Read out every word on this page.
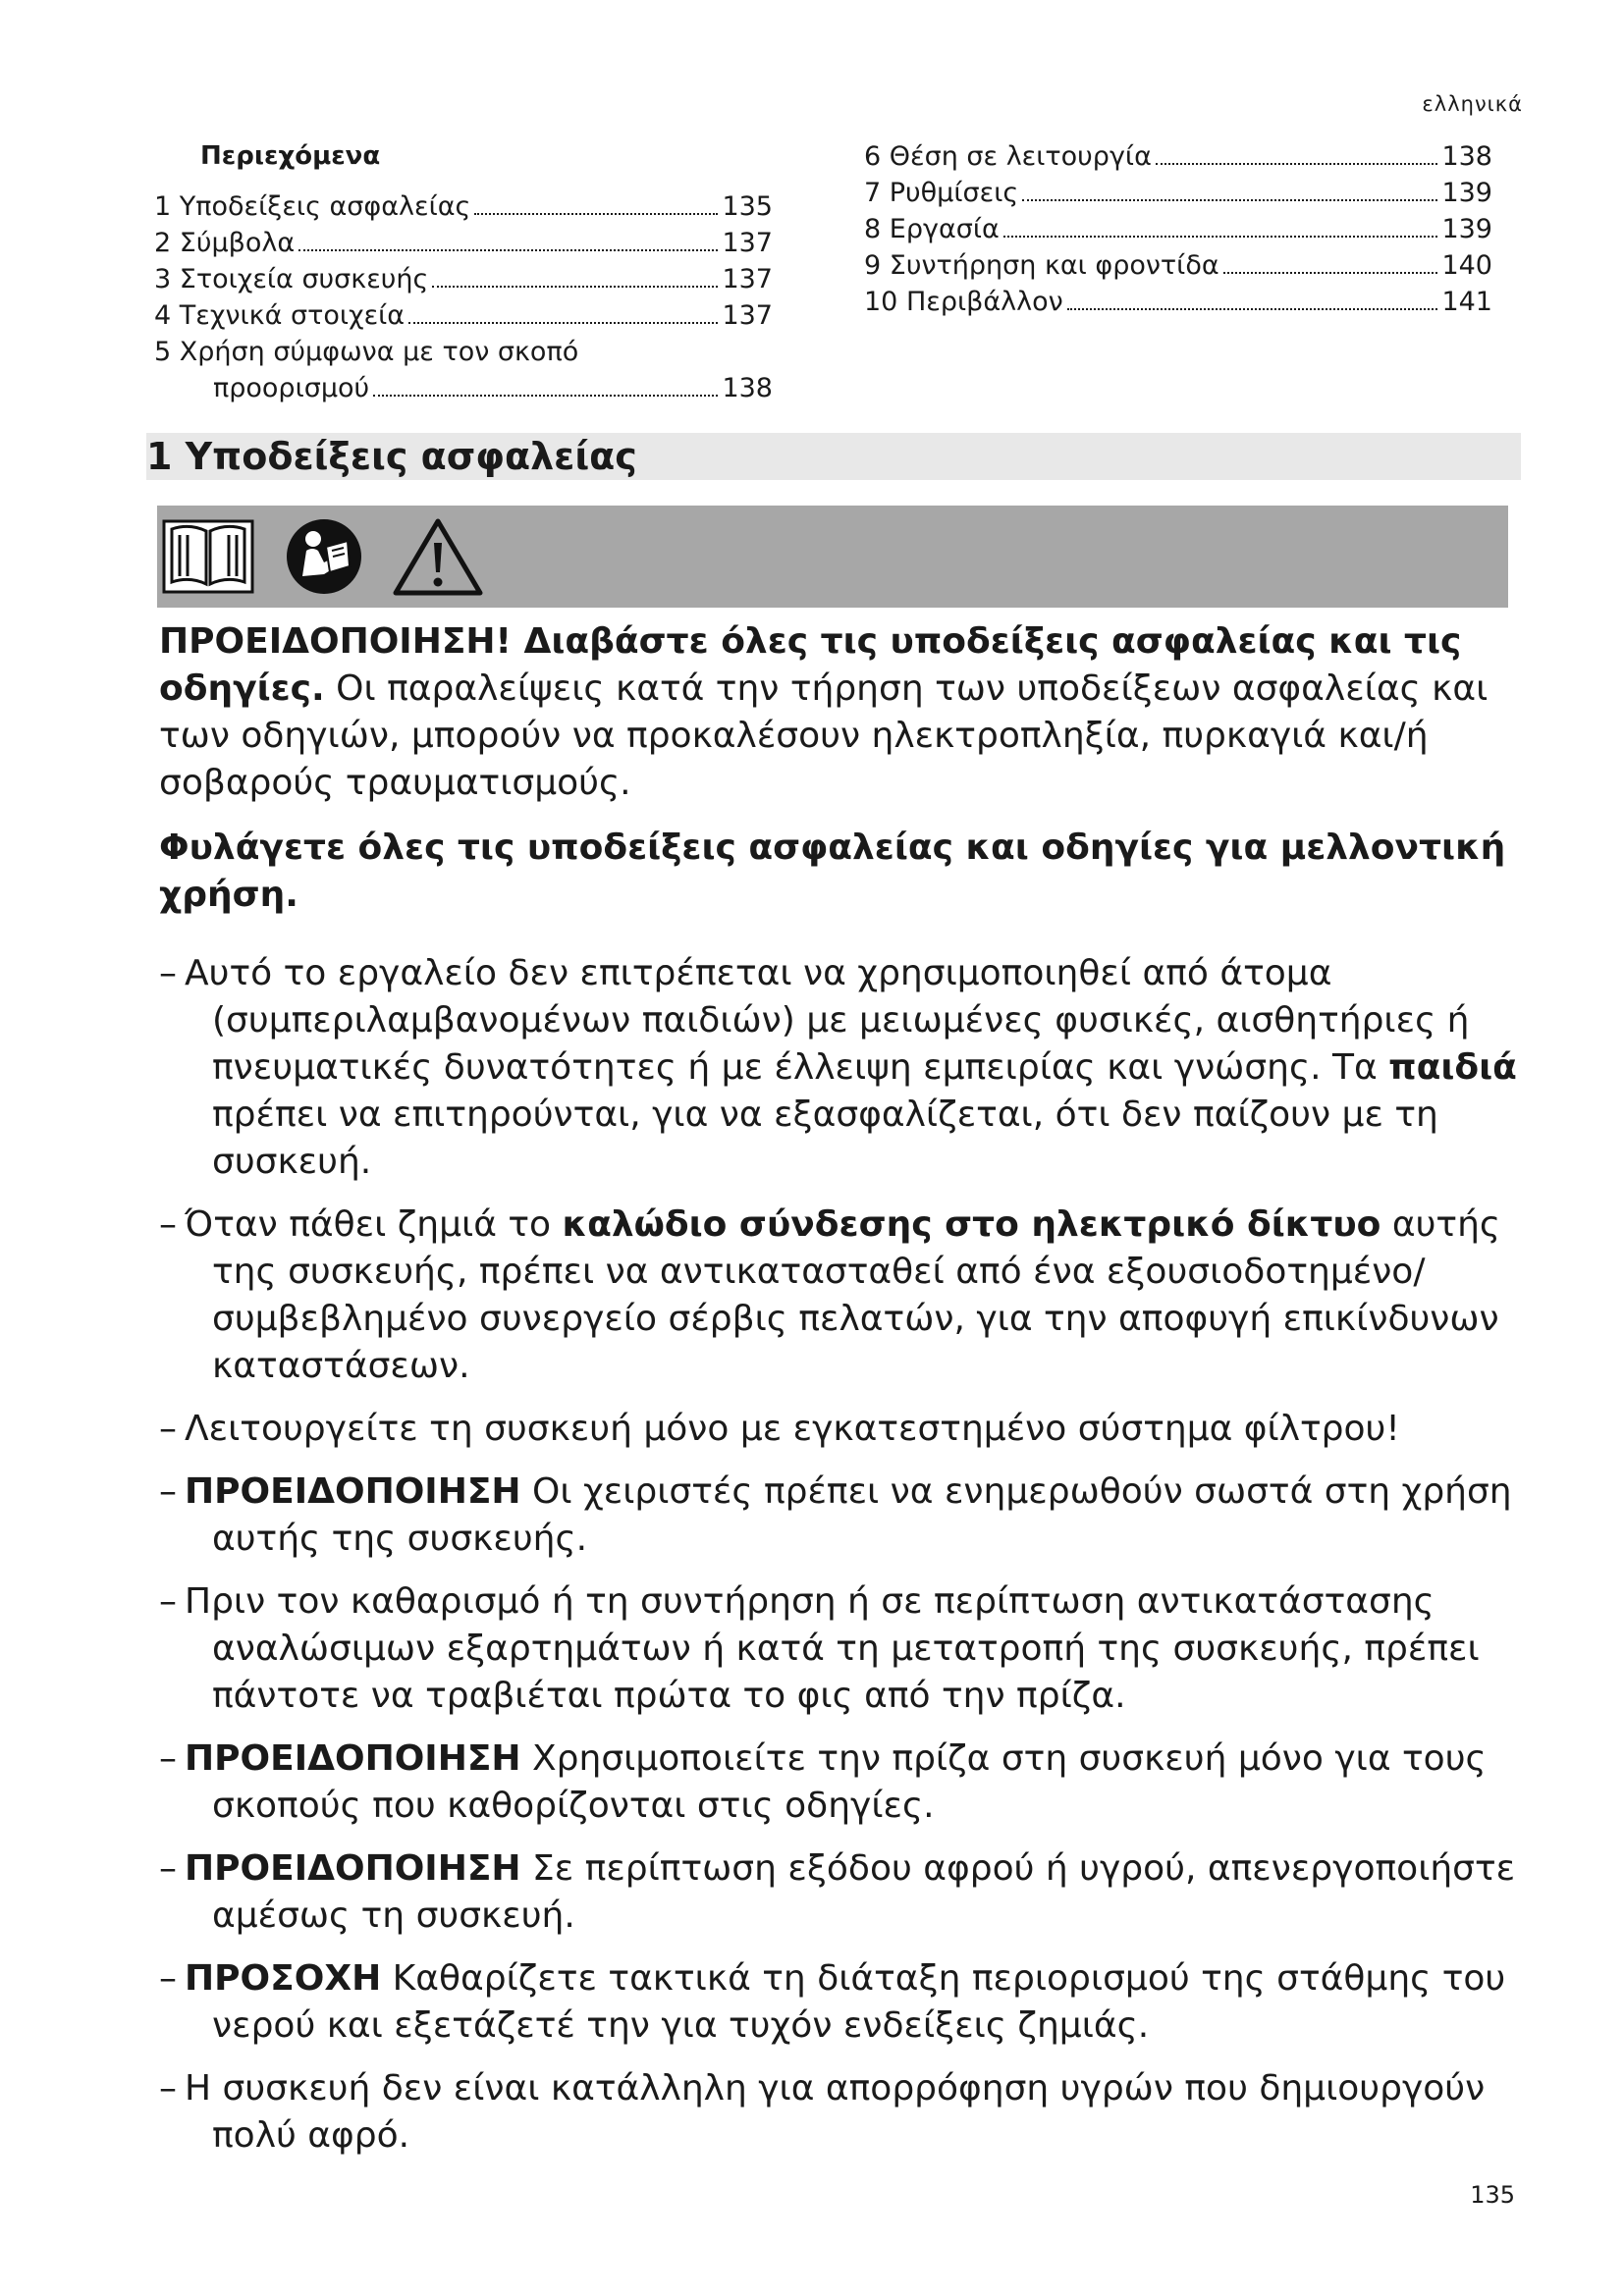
ελληνικά
Περιεχόμενα
1 Υποδείξεις ασφαλείας	135
2 Σύμβολα	137
3 Στοιχεία συσκευής	137
4 Τεχνικά στοιχεία	137
5 Χρήση σύμφωνα με τον σκοπό
προορισμού	138
6 Θέση σε λειτουργία	138
7 Ρυθμίσεις	139
8 Εργασία	139
9 Συντήρηση και φροντίδα	140
10 Περιβάλλον	141
1 Υποδείξεις ασφαλείας

ΠΡΟΕΙΔΟΠΟΙΗΣΗ! Διαβάστε όλες τις υποδείξεις ασφαλείας και τις οδηγίες. Οι παραλείψεις κατά την τήρηση των υποδείξεων ασφαλείας και των οδηγιών, μπορούν να προκαλέσουν ηλεκτροπληξία, πυρκαγιά και/ή σοβαρούς τραυματισμούς.

Φυλάγετε όλες τις υποδείξεις ασφαλείας και οδηγίες για μελλοντική χρήση.

– Αυτό το εργαλείο δεν επιτρέπεται να χρησιμοποιηθεί από άτομα (συμπεριλαμβανομένων παιδιών) με μειωμένες φυσικές, αισθητήριες ή πνευματικές δυνατότητες ή με έλλειψη εμπειρίας και γνώσης. Τα παιδιά πρέπει να επιτηρούνται, για να εξασφαλίζεται, ότι δεν παίζουν με τη συσκευή.
– Όταν πάθει ζημιά το καλώδιο σύνδεσης στο ηλεκτρικό δίκτυο αυτής της συσκευής, πρέπει να αντικατασταθεί από ένα εξουσιοδοτημένο/συμβεβλημένο συνεργείο σέρβις πελατών, για την αποφυγή επικίνδυνων καταστάσεων.
– Λειτουργείτε τη συσκευή μόνο με εγκατεστημένο σύστημα φίλτρου!
– ΠΡΟΕΙΔΟΠΟΙΗΣΗ Οι χειριστές πρέπει να ενημερωθούν σωστά στη χρήση αυτής της συσκευής.
– Πριν τον καθαρισμό ή τη συντήρηση ή σε περίπτωση αντικατάστασης αναλώσιμων εξαρτημάτων ή κατά τη μετατροπή της συσκευής, πρέπει πάντοτε να τραβιέται πρώτα το φις από την πρίζα.
– ΠΡΟΕΙΔΟΠΟΙΗΣΗ Χρησιμοποιείτε την πρίζα στη συσκευή μόνο για τους σκοπούς που καθορίζονται στις οδηγίες.
– ΠΡΟΕΙΔΟΠΟΙΗΣΗ Σε περίπτωση εξόδου αφρού ή υγρού, απενεργοποιήστε αμέσως τη συσκευή.
– ΠΡΟΣΟΧΗ Καθαρίζετε τακτικά τη διάταξη περιορισμού της στάθμης του νερού και εξετάζετέ την για τυχόν ενδείξεις ζημιάς.
– Η συσκευή δεν είναι κατάλληλη για απορρόφηση υγρών που δημιουργούν πολύ αφρό.
135
